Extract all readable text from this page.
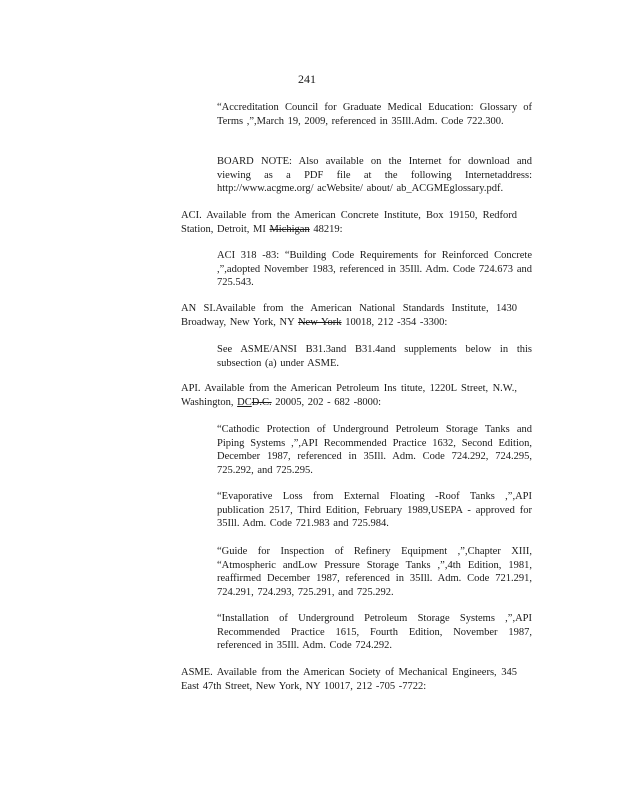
241
“Accreditation Council for Graduate Medical Education: Glossary of Terms ,”,March 19, 2009, referenced in 35Ill.Adm. Code 722.300.
BOARD NOTE: Also available on the Internet for download and viewing as a PDF file at the following Internetaddress: http://www.acgme.org/ acWebsite/ about/ ab_ACGMEglossary.pdf.
ACI. Available from the American Concrete Institute, Box 19150, Redford Station, Detroit, MI Michigan 48219:
ACI 318 -83: “Building Code Requirements for Reinforced Concrete ,”,adopted November 1983, referenced in 35Ill. Adm. Code 724.673 and 725.543.
AN SI.Available from the American National Standards Institute, 1430 Broadway, New York, NY New York 10018, 212 -354 -3300:
See ASME/ANSI B31.3and B31.4and supplements below in this subsection (a) under ASME.
API. Available from the American Petroleum Ins titute, 1220L Street, N.W., Washington, DCD.C. 20005, 202 - 682 -8000:
“Cathodic Protection of Underground Petroleum Storage Tanks and Piping Systems ,”,API Recommended Practice 1632, Second Edition, December 1987, referenced in 35Ill. Adm. Code 724.292, 724.295, 725.292, and 725.295.
“Evaporative Loss from External Floating -Roof Tanks ,”,API publication 2517, Third Edition, February 1989,USEPA - approved for 35Ill. Adm. Code 721.983 and 725.984.
“Guide for Inspection of Refinery Equipment ,”,Chapter XIII, “Atmospheric andLow Pressure Storage Tanks ,”,4th Edition, 1981, reaffirmed December 1987, referenced in 35Ill. Adm. Code 721.291, 724.291, 724.293, 725.291, and 725.292.
“Installation of Underground Petroleum Storage Systems ,”,API Recommended Practice 1615, Fourth Edition, November 1987, referenced in 35Ill. Adm. Code 724.292.
ASME. Available from the American Society of Mechanical Engineers, 345 East 47th Street, New York, NY 10017, 212 -705 -7722:
